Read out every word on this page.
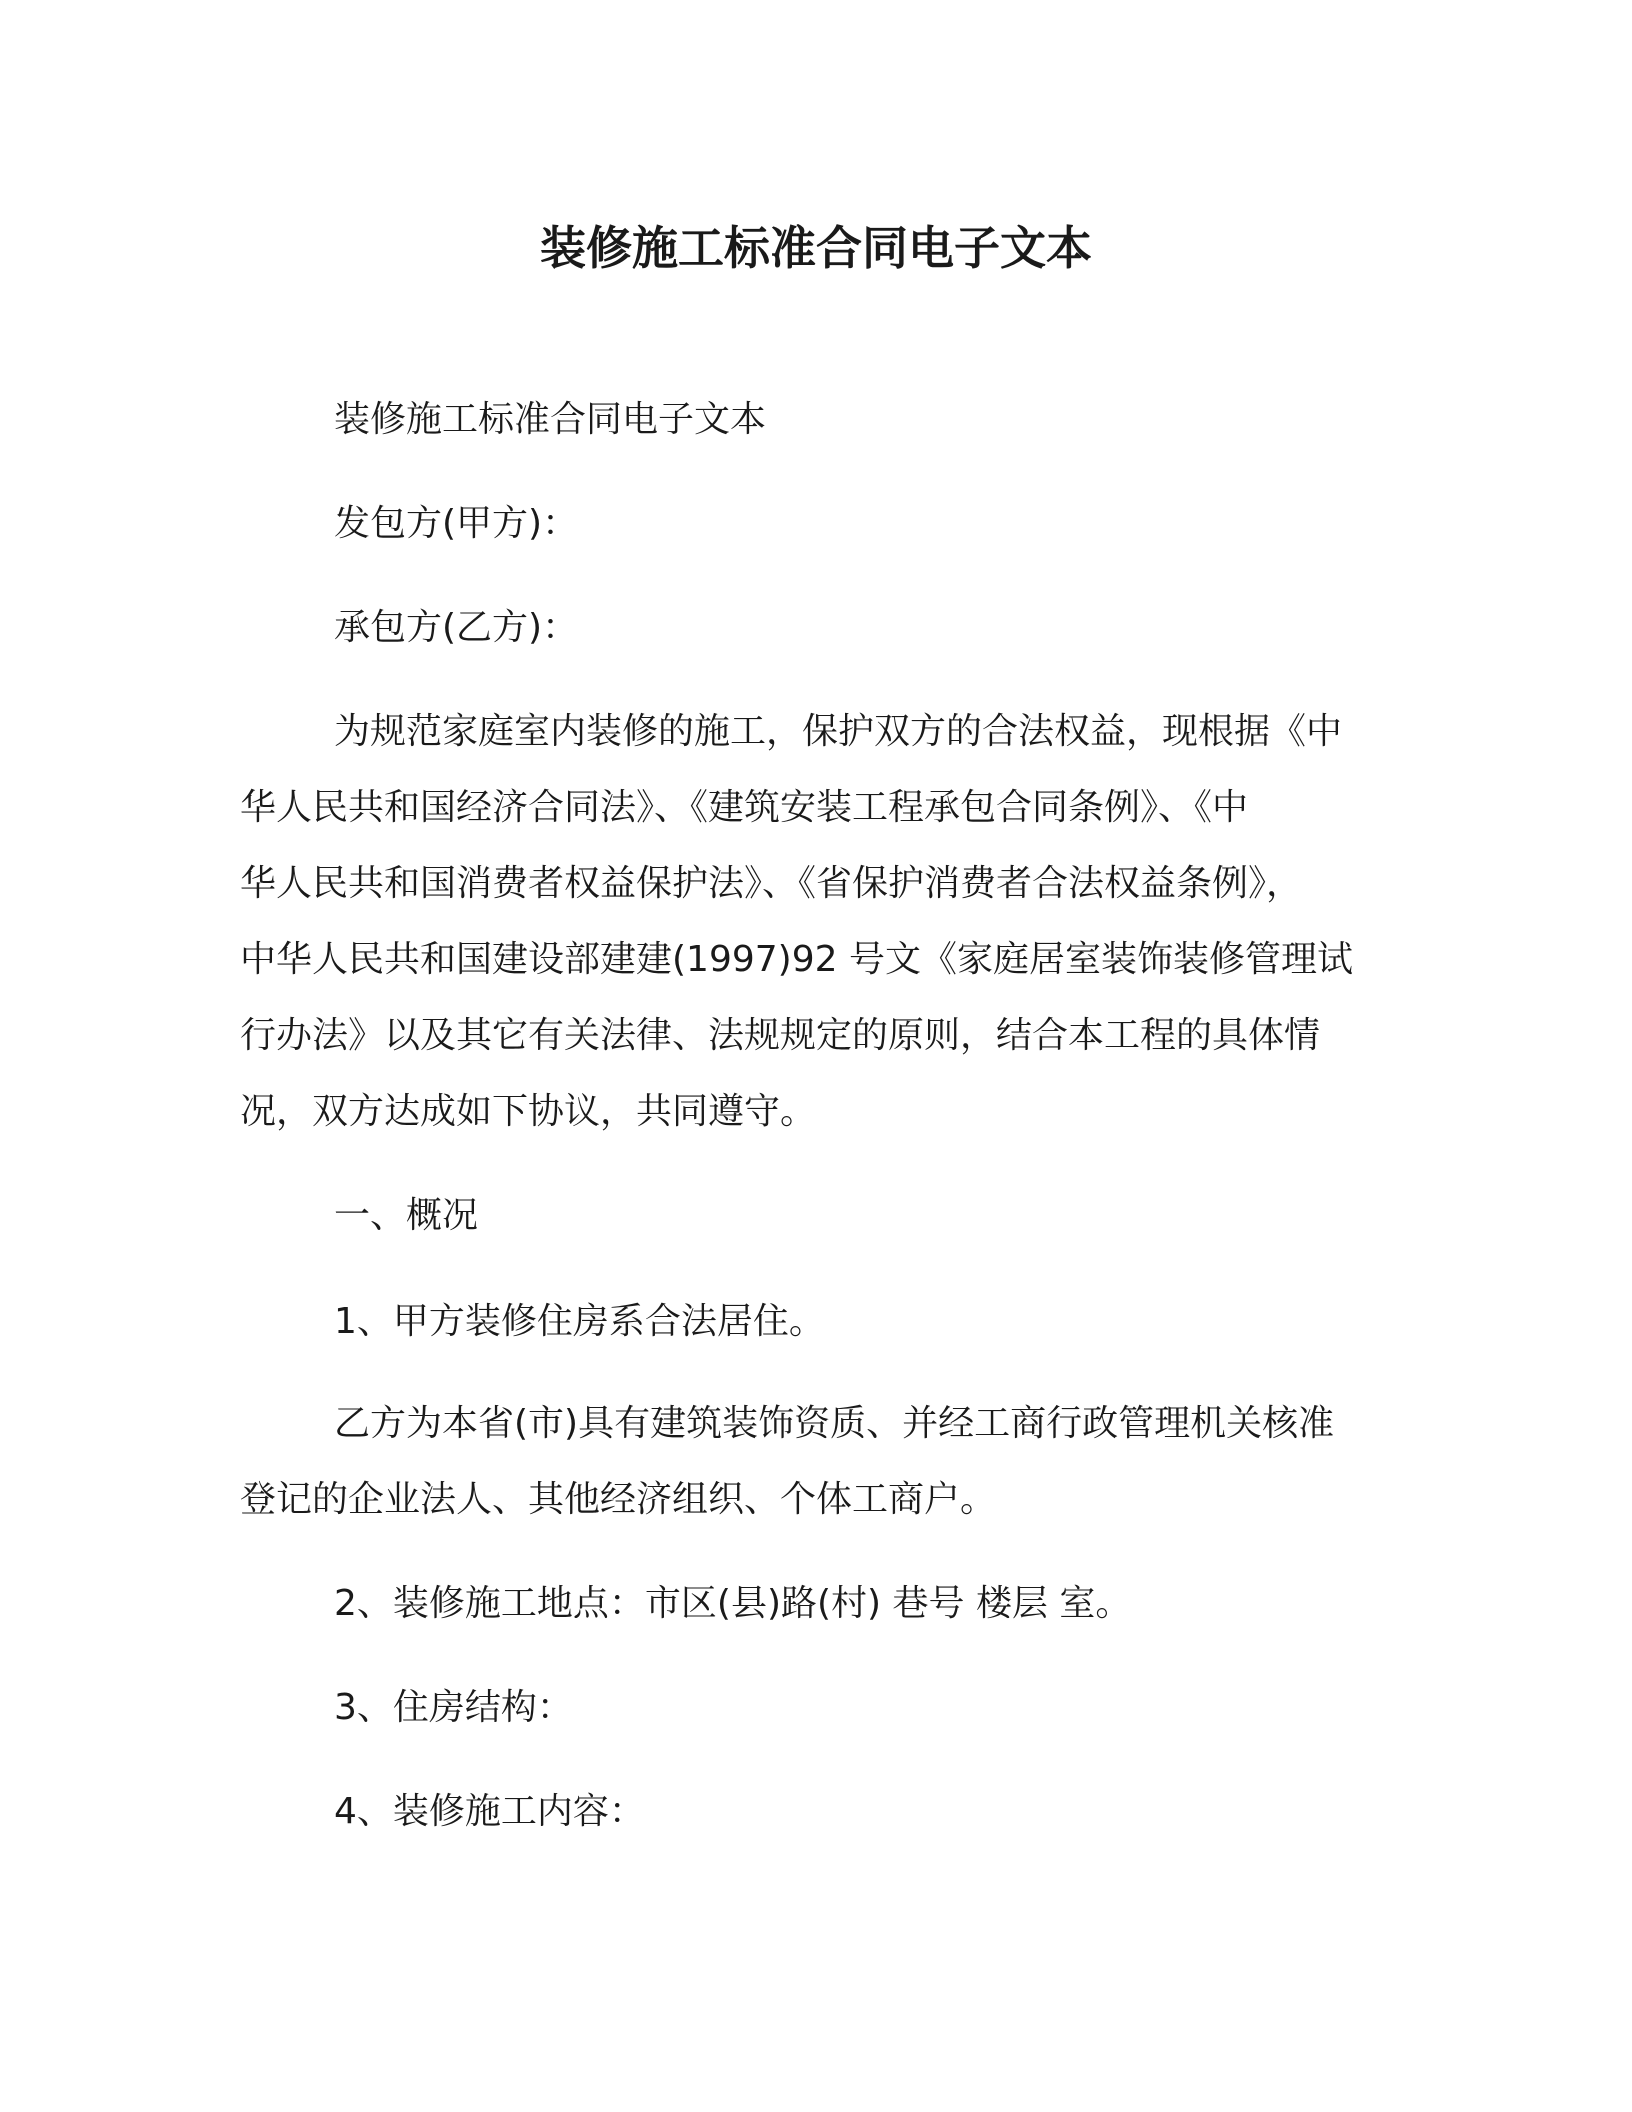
装修施工标准合同电子文本
装修施工标准合同电子文本
发包方(甲方)：
承包方(乙方)：
为规范家庭室内装修的施工，保护双方的合法权益，现根据《中
华人民共和国经济合同法》、《建筑安装工程承包合同条例》、《中
华人民共和国消费者权益保护法》、《省保护消费者合法权益条例》，
中华人民共和国建设部建建(1997)92 号文《家庭居室装饰装修管理试
行办法》以及其它有关法律、法规规定的原则，结合本工程的具体情
况，双方达成如下协议，共同遵守。
一、概况
1、甲方装修住房系合法居住。
乙方为本省(市)具有建筑装饰资质、并经工商行政管理机关核准
登记的企业法人、其他经济组织、个体工商户。
2、装修施工地点：市区(县)路(村) 巷号 楼层 室。
3、住房结构：
4、装修施工内容：
